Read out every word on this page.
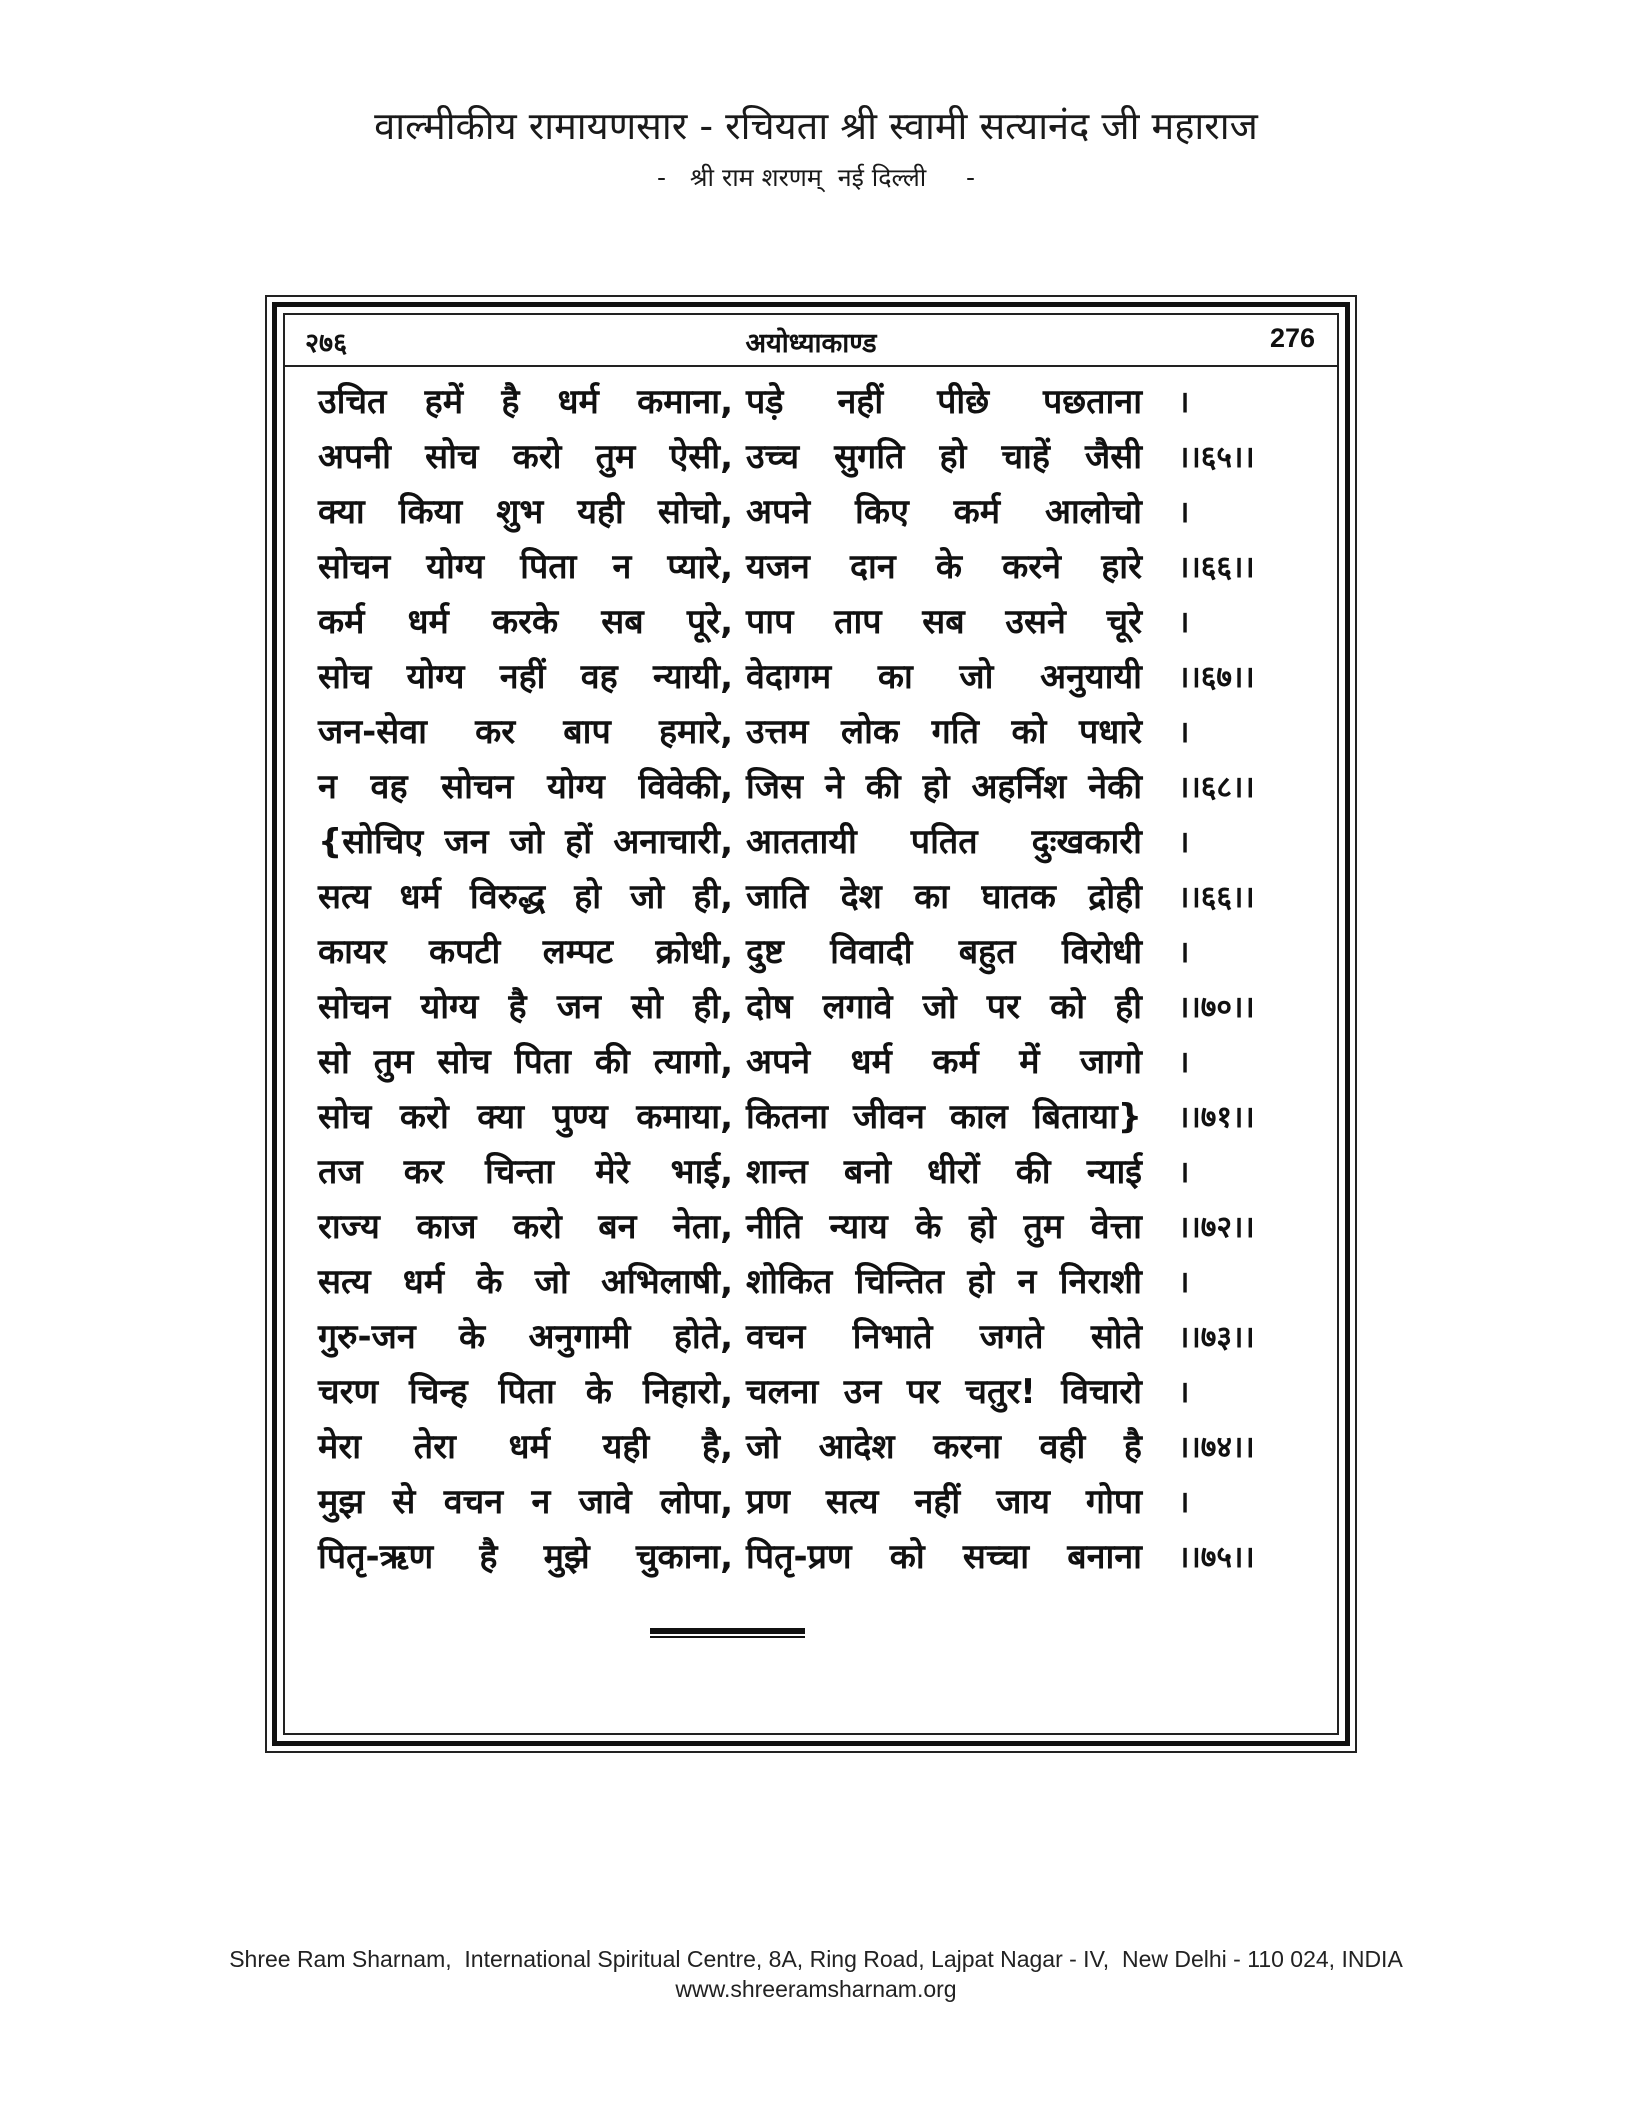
वाल्मीकीय रामायणसार - रचियता श्री स्वामी सत्यानंद जी महाराज
-   श्री राम शरणम्  नई दिल्ली     -
२७६	अयोध्याकाण्ड	276
उचित हमें है धर्म कमाना, पड़े नहीं पीछे पछताना ।
अपनी सोच करो तुम ऐसी, उच्च सुगति हो चाहें जैसी ।।६५।।
क्या किया शुभ यही सोचो, अपने किए कर्म आलोचो ।
सोचन योग्य पिता न प्यारे, यजन दान के करने हारे ।।६६।।
कर्म धर्म करके सब पूरे, पाप ताप सब उसने चूरे ।
सोच योग्य नहीं वह न्यायी, वेदागम का जो अनुयायी ।।६७।।
जन-सेवा कर बाप हमारे, उत्तम लोक गति को पधारे ।
न वह सोचन योग्य विवेकी, जिस ने की हो अहर्निश नेकी ।।६८।।
{सोचिए जन जो हों अनाचारी, आततायी पतित दुःखकारी ।
सत्य धर्म विरुद्ध हो जो ही, जाति देश का घातक द्रोही ।।६६।।
कायर कपटी लम्पट क्रोधी, दुष्ट विवादी बहुत विरोधी ।
सोचन योग्य है जन सो ही, दोष लगावे जो पर को ही ।।७०।।
सो तुम सोच पिता की त्यागो, अपने धर्म कर्म में जागो ।
सोच करो क्या पुण्य कमाया, कितना जीवन काल बिताया} ।।७१।।
तज कर चिन्ता मेरे भाई, शान्त बनो धीरों की न्याई ।
राज्य काज करो बन नेता, नीति न्याय के हो तुम वेत्ता ।।७२।।
सत्य धर्म के जो अभिलाषी, शोकित चिन्तित हो न निराशी ।
गुरु-जन के अनुगामी होते, वचन निभाते जगते सोते ।।७३।।
चरण चिन्ह पिता के निहारो, चलना उन पर चतुर! विचारो ।
मेरा तेरा धर्म यही है, जो आदेश करना वही है ।।७४।।
मुझ से वचन न जावे लोपा, प्रण सत्य नहीं जाय गोपा ।
पितृ-ऋण है मुझे चुकाना, पितृ-प्रण को सच्चा बनाना ।।७५।।
Shree Ram Sharnam,  International Spiritual Centre, 8A, Ring Road, Lajpat Nagar - IV,  New Delhi - 110 024, INDIA
www.shreeramsharnam.org
